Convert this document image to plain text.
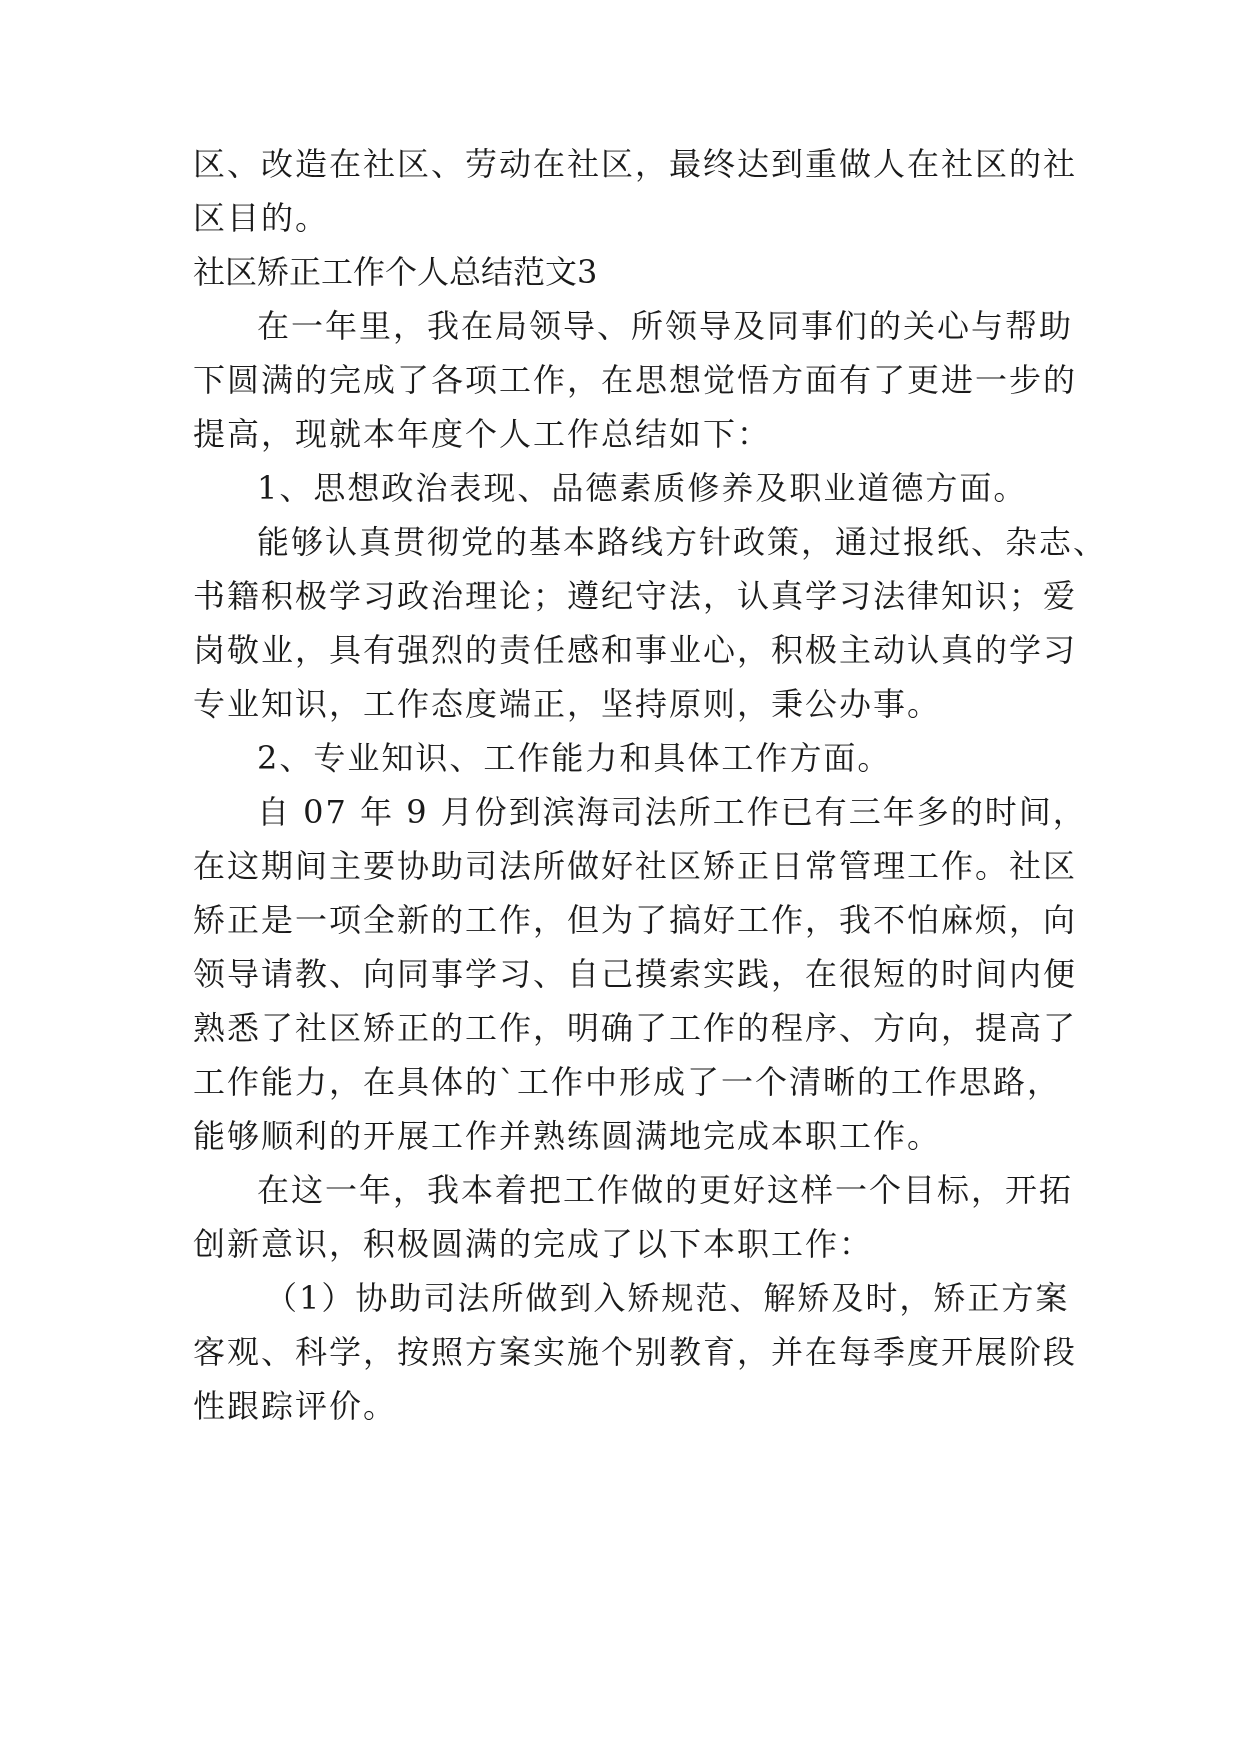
区、改造在社区、劳动在社区，最终达到重做人在社区的社
区目的。
社区矫正工作个人总结范文3
在一年里，我在局领导、所领导及同事们的关心与帮助
下圆满的完成了各项工作，在思想觉悟方面有了更进一步的
提高，现就本年度个人工作总结如下：
1、思想政治表现、品德素质修养及职业道德方面。
能够认真贯彻党的基本路线方针政策，通过报纸、杂志、
书籍积极学习政治理论；遵纪守法，认真学习法律知识；爱
岗敬业，具有强烈的责任感和事业心，积极主动认真的学习
专业知识，工作态度端正，坚持原则，秉公办事。
2、专业知识、工作能力和具体工作方面。
自 07 年 9 月份到滨海司法所工作已有三年多的时间，
在这期间主要协助司法所做好社区矫正日常管理工作。社区
矫正是一项全新的工作，但为了搞好工作，我不怕麻烦，向
领导请教、向同事学习、自己摸索实践，在很短的时间内便
熟悉了社区矫正的工作，明确了工作的程序、方向，提高了
工作能力，在具体的`工作中形成了一个清晰的工作思路，
能够顺利的开展工作并熟练圆满地完成本职工作。
在这一年，我本着把工作做的更好这样一个目标，开拓
创新意识，积极圆满的完成了以下本职工作：
（1）协助司法所做到入矫规范、解矫及时，矫正方案
客观、科学，按照方案实施个别教育，并在每季度开展阶段
性跟踪评价。
